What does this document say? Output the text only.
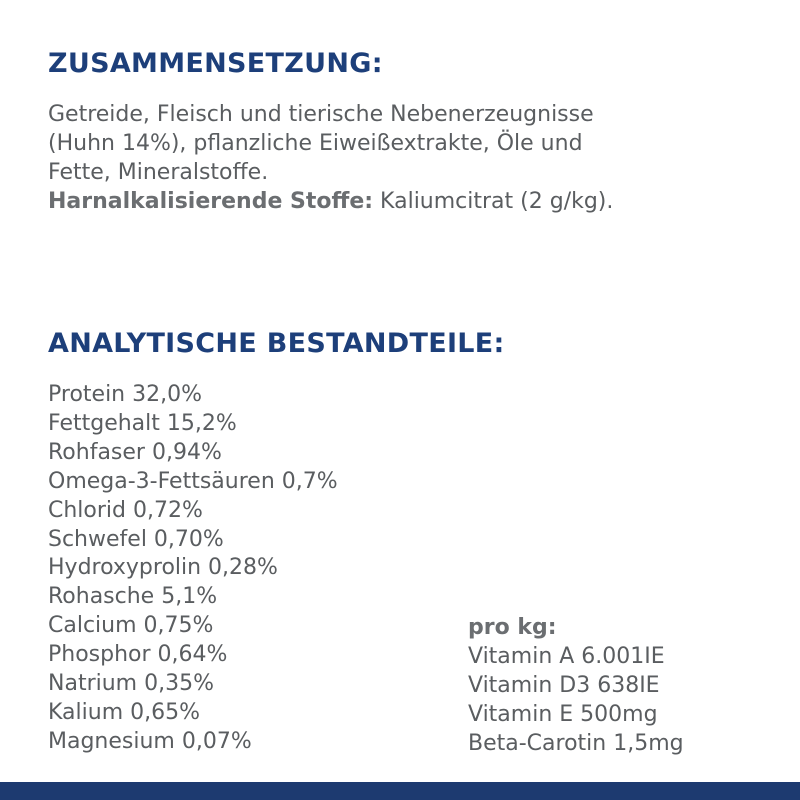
ZUSAMMENSETZUNG:

Getreide, Fleisch und tierische Nebenerzeugnisse
(Huhn 14%), pflanzliche Eiweißextrakte, Öle und
Fette, Mineralstoffe.
Harnalkalisierende Stoffe: Kaliumcitrat (2 g/kg).

ANALYTISCHE BESTANDTEILE:
Protein 32,0%
Fettgehalt 15,2%
Rohfaser 0,94%
Omega-3-Fettsäuren 0,7%
Chlorid 0,72%
Schwefel 0,70%
Hydroxyprolin 0,28%
Rohasche 5,1%
Calcium 0,75%
Phosphor 0,64%
Natrium 0,35%
Kalium 0,65%
Magnesium 0,07%
pro kg:
Vitamin A 6.001IE
Vitamin D3 638IE
Vitamin E 500mg
Beta-Carotin 1,5mg
